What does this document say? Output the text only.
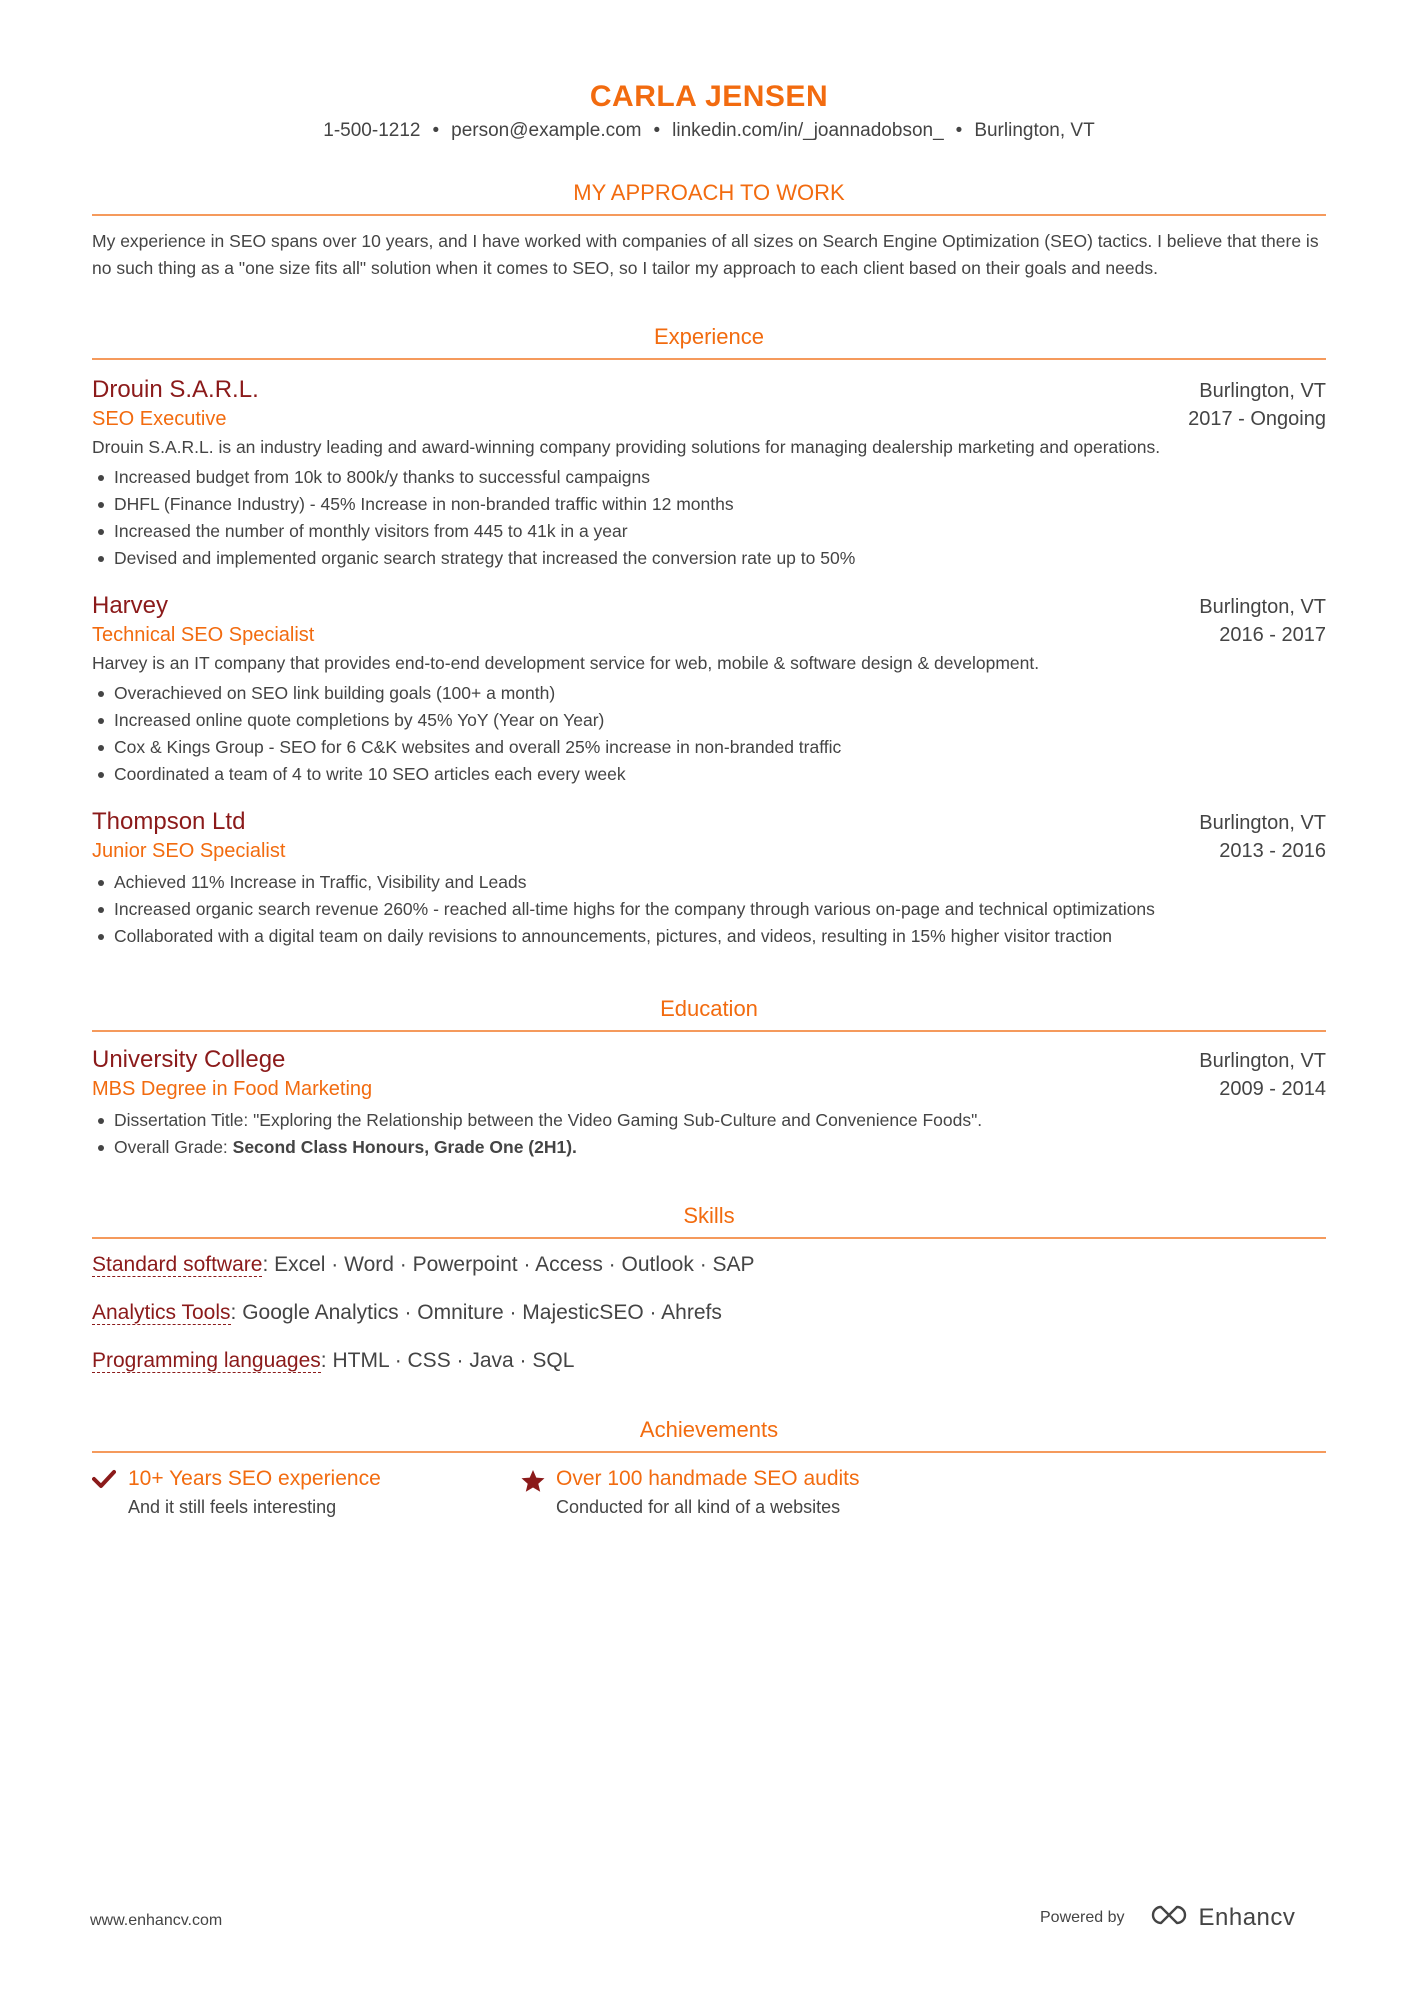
CARLA JENSEN
1-500-1212 • person@example.com • linkedin.com/in/_joannadobson_ • Burlington, VT
MY APPROACH TO WORK
My experience in SEO spans over 10 years, and I have worked with companies of all sizes on Search Engine Optimization (SEO) tactics. I believe that there is no such thing as a "one size fits all" solution when it comes to SEO, so I tailor my approach to each client based on their goals and needs.
Experience
Drouin S.A.R.L.	Burlington, VT
SEO Executive	2017 - Ongoing
Drouin S.A.R.L. is an industry leading and award-winning company providing solutions for managing dealership marketing and operations.
Increased budget from 10k to 800k/y thanks to successful campaigns
DHFL (Finance Industry) - 45% Increase in non-branded traffic within 12 months
Increased the number of monthly visitors from 445 to 41k in a year
Devised and implemented organic search strategy that increased the conversion rate up to 50%
Harvey	Burlington, VT
Technical SEO Specialist	2016 - 2017
Harvey is an IT company that provides end-to-end development service for web, mobile & software design & development.
Overachieved on SEO link building goals (100+ a month)
Increased online quote completions by 45% YoY (Year on Year)
Cox & Kings Group - SEO for 6 C&K websites and overall 25% increase in non-branded traffic
Coordinated a team of 4 to write 10 SEO articles each every week
Thompson Ltd	Burlington, VT
Junior SEO Specialist	2013 - 2016
Achieved 11% Increase in Traffic, Visibility and Leads
Increased organic search revenue 260% - reached all-time highs for the company through various on-page and technical optimizations
Collaborated with a digital team on daily revisions to announcements, pictures, and videos, resulting in 15% higher visitor traction
Education
University College	Burlington, VT
MBS Degree in Food Marketing	2009 - 2014
Dissertation Title: "Exploring the Relationship between the Video Gaming Sub-Culture and Convenience Foods".
Overall Grade: Second Class Honours, Grade One (2H1).
Skills
Standard software: Excel · Word · Powerpoint · Access · Outlook · SAP
Analytics Tools: Google Analytics · Omniture · MajesticSEO · Ahrefs
Programming languages: HTML · CSS · Java · SQL
Achievements
10+ Years SEO experience
And it still feels interesting
Over 100 handmade SEO audits
Conducted for all kind of a websites
www.enhancv.com	Powered by	Enhancv
